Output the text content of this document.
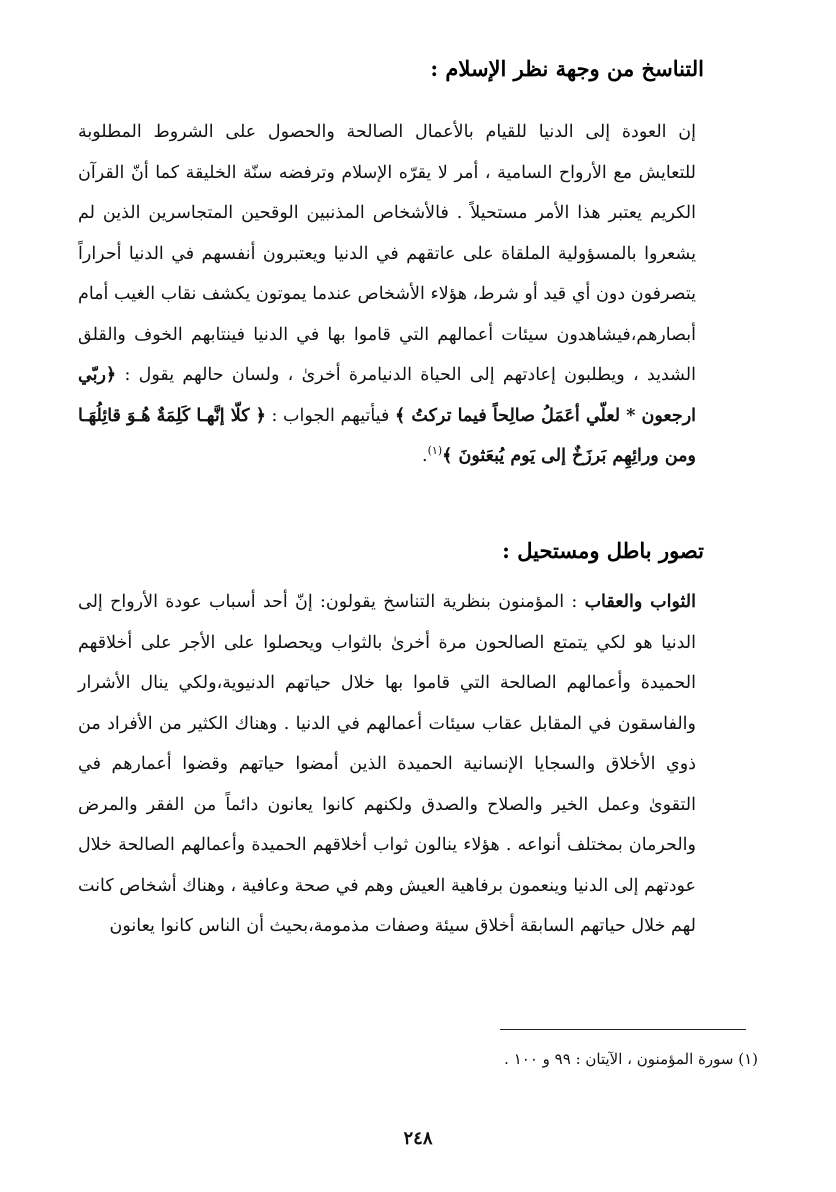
التناسخ من وجهة نظر الإسلام :

إن العودة إلى الدنيا للقيام بالأعمال الصالحة والحصول على الشروط المطلوبة للتعايش مع الأرواح السامية ، أمر لا يقرّه الإسلام وترفضه سنّة الخليقة كما أنّ القرآن الكريم يعتبر هذا الأمر مستحيلاً . فالأشخاص المذنبين الوقحين المتجاسرين الذين لم يشعروا بالمسؤولية الملقاة على عاتقهم في الدنيا ويعتبرون أنفسهم في الدنيا أحراراً يتصرفون دون أي قيد أو شرط، هؤلاء الأشخاص عندما يموتون يكشف نقاب الغيب أمام أبصارهم،فيشاهدون سيئات أعمالهم التي قاموا بها في الدنيا فينتابهم الخوف والقلق الشديد ، ويطلبون إعادتهم إلى الحياة الدنيامرة أخرىٰ ، ولسان حالهم يقول : ﴿ربّي ارجعون * لعلّي أعَمَلُ صالِحاً فيما تركتُ ﴾ فيأتيهم الجواب : ﴿ كلّا إنَّهـا كَلِمَةٌ هُـوَ قائِلُهَـا ومن ورائِهِم بَرزَخٌ إلى يَوم يُبعَثونَ ﴾$^{(١)}$.

تصور باطل ومستحيل :

الثواب والعقاب : المؤمنون بنظرية التناسخ يقولون: إنّ أحد أسباب عودة الأرواح إلى الدنيا هو لكي يتمتع الصالحون مرة أخرىٰ بالثواب ويحصلوا على الأجر على أخلاقهم الحميدة وأعمالهم الصالحة التي قاموا بها خلال حياتهم الدنيوية،ولكي ينال الأشرار والفاسقون في المقابل عقاب سيئات أعمالهم في الدنيا . وهناك الكثير من الأفراد من ذوي الأخلاق والسجايا الإنسانية الحميدة الذين أمضوا حياتهم وقضوا أعمارهم في التقوىٰ وعمل الخير والصلاح والصدق ولكنهم كانوا يعانون دائماً من الفقر والمرض والحرمان بمختلف أنواعه . هؤلاء ينالون ثواب أخلاقهم الحميدة وأعمالهم الصالحة خلال عودتهم إلى الدنيا وينعمون برفاهية العيش وهم في صحة وعافية ، وهناك أشخاص كانت لهم خلال حياتهم السابقة أخلاق سيئة وصفات مذمومة،بحيث أن الناس كانوا يعانون

(١) سورة المؤمنون ، الآيتان : ٩٩ و ١٠٠ .
٢٤٨
